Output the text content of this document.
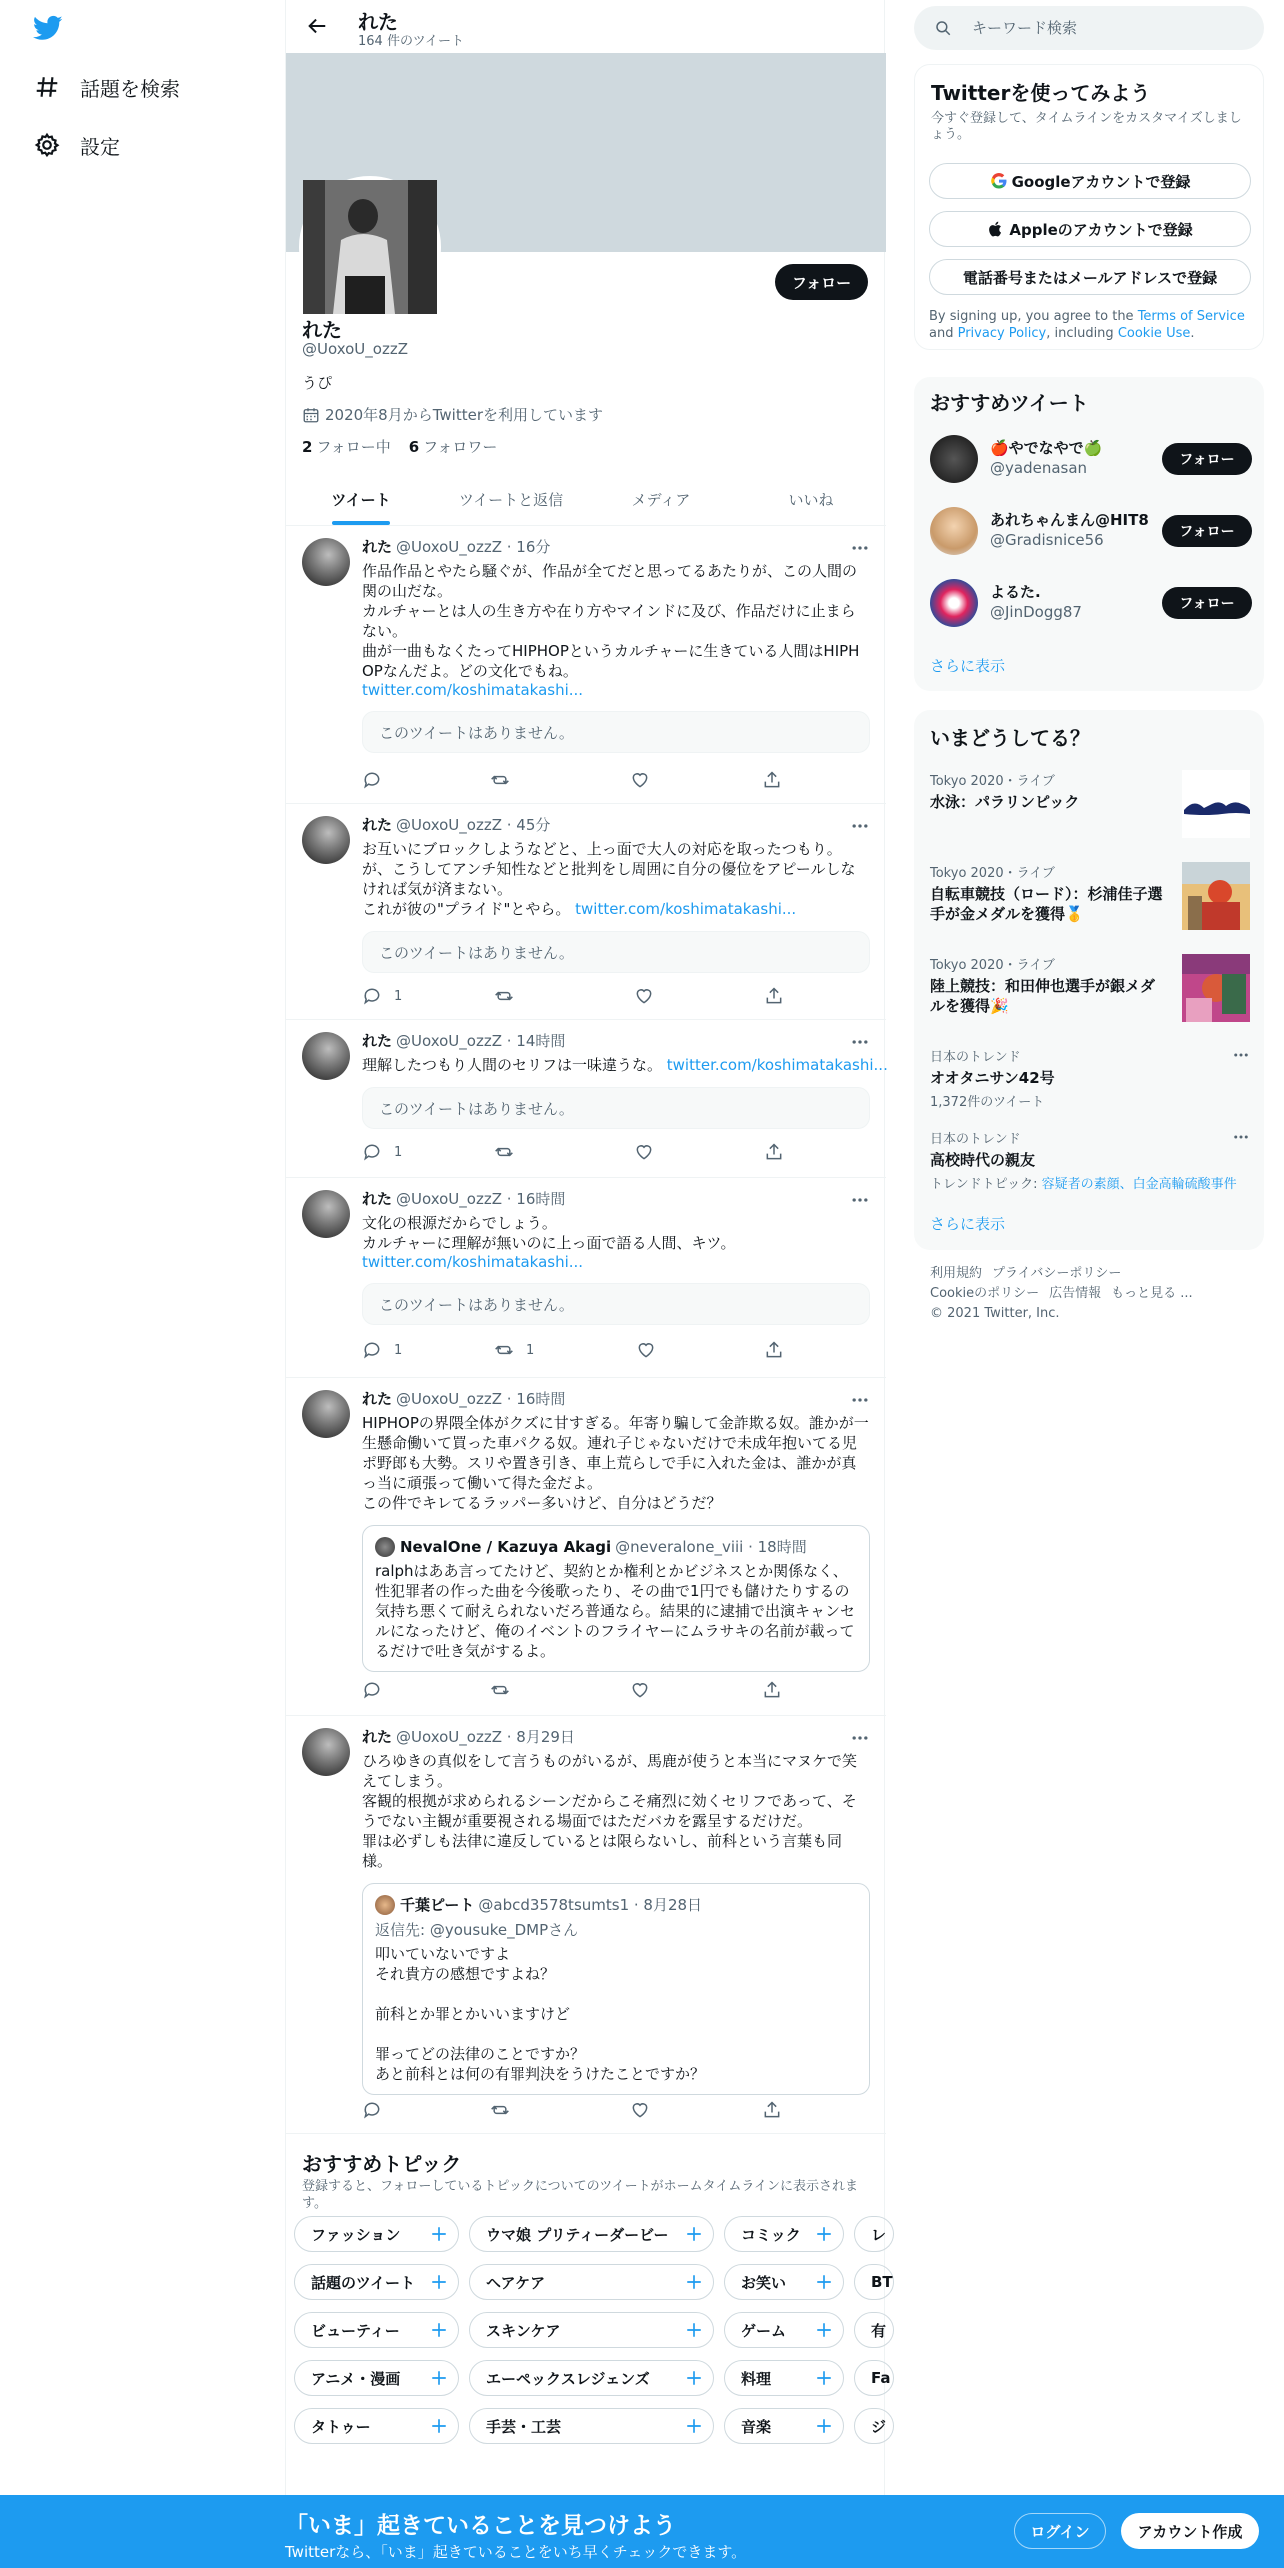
話題を検索
設定
れた
164 件のツイート
フォロー
れた
@UoxoU_ozzZ
うぴ
2020年8月からTwitterを利用しています
2 フォロー中 6 フォロワー
ツイート	ツイートと返信	メディア	いいね
れた @UoxoU_ozzZ · 16分
作品作品とやたら騒ぐが、作品が全てだと思ってるあたりが、この人間の関の山だな。
カルチャーとは人の生き方や在り方やマインドに及び、作品だけに止まらない。
曲が一曲もなくたってHIPHOPというカルチャーに生きている人間はHIPHOPなんだよ。どの文化でもね。
twitter.com/koshimatakashi...
このツイートはありません。
れた @UoxoU_ozzZ · 45分
お互いにブロックしようなどと、上っ面で大人の対応を取ったつもり。
が、こうしてアンチ知性などと批判をし周囲に自分の優位をアピールしなければ気が済まない。
これが彼の"プライド"とやら。 twitter.com/koshimatakashi...
このツイートはありません。
1
れた @UoxoU_ozzZ · 14時間
理解したつもり人間のセリフは一味違うな。 twitter.com/koshimatakashi...
このツイートはありません。
1
れた @UoxoU_ozzZ · 16時間
文化の根源だからでしょう。
カルチャーに理解が無いのに上っ面で語る人間、キツ。
twitter.com/koshimatakashi...
このツイートはありません。
1	1
れた @UoxoU_ozzZ · 16時間
HIPHOPの界隈全体がクズに甘すぎる。年寄り騙して金詐欺る奴。誰かが一生懸命働いて買った車パクる奴。連れ子じゃないだけで未成年抱いてる児ポ野郎も大勢。スリや置き引き、車上荒らしで手に入れた金は、誰かが真っ当に頑張って働いて得た金だよ。
この件でキレてるラッパー多いけど、自分はどうだ？
NevalOne / Kazuya Akagi @neveralone_viii · 18時間
ralphはああ言ってたけど、契約とか権利とかビジネスとか関係なく、性犯罪者の作った曲を今後歌ったり、その曲で1円でも儲けたりするの気持ち悪くて耐えられないだろ普通なら。結果的に逮捕で出演キャンセルになったけど、俺のイベントのフライヤーにムラサキの名前が載ってるだけで吐き気がするよ。
れた @UoxoU_ozzZ · 8月29日
ひろゆきの真似をして言うものがいるが、馬鹿が使うと本当にマヌケで笑えてしまう。
客観的根拠が求められるシーンだからこそ痛烈に効くセリフであって、そうでない主観が重要視される場面ではただバカを露呈するだけだ。
罪は必ずしも法律に違反しているとは限らないし、前科という言葉も同様。
千葉ピート @abcd3578tsumts1 · 8月28日
返信先: @yousuke_DMPさん
叩いていないですよ
それ貴方の感想ですよね？

前科とか罪とかいいますけど

罪ってどの法律のことですか？
あと前科とは何の有罪判決をうけたことですか？
おすすめトピック
登録すると、フォローしているトピックについてのツイートがホームタイムラインに表示されます。
ファッション	ウマ娘 プリティーダービー	コミック	レ
話題のツイート	ヘアケア	お笑い	BT
ビューティー	スキンケア	ゲーム	有
アニメ・漫画	エーペックスレジェンズ	料理	Fa
タトゥー	手芸・工芸	音楽	ジ
キーワード検索
Twitterを使ってみよう
今すぐ登録して、タイムラインをカスタマイズしましょう。
Googleアカウントで登録
Appleのアカウントで登録
電話番号またはメールアドレスで登録
By signing up, you agree to the Terms of Service and Privacy Policy, including Cookie Use.
おすすめツイート
🍎やでなやで🍏
@yadenasan	フォロー
あれちゃんまん@HIT8
@Gradisnice56	フォロー
よるた.
@JinDogg87	フォロー
さらに表示
いまどうしてる？
Tokyo 2020・ライブ
水泳：パラリンピック
Tokyo 2020・ライブ
自転車競技（ロード）：杉浦佳子選手が金メダルを獲得🥇
Tokyo 2020・ライブ
陸上競技：和田伸也選手が銀メダルを獲得🎉
日本のトレンド
オオタニサン42号
1,372件のツイート
日本のトレンド
高校時代の親友
トレンドトピック: 容疑者の素顔、白金高輪硫酸事件
さらに表示
利用規約 プライバシーポリシー
Cookieのポリシー 広告情報 もっと見る ...
© 2021 Twitter, Inc.
「いま」起きていることを見つけよう
Twitterなら、「いま」起きていることをいち早くチェックできます。
ログイン	アカウント作成
